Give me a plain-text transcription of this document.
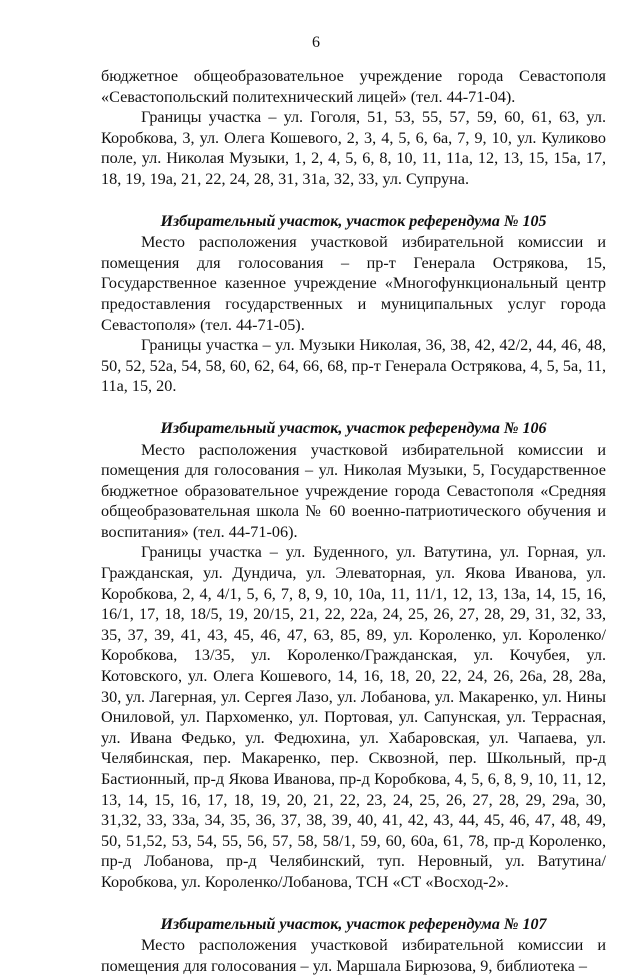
6

бюджетное общеобразовательное учреждение города Севастополя «Севастопольский политехнический лицей» (тел. 44-71-04).

Границы участка – ул. Гоголя, 51, 53, 55, 57, 59, 60, 61, 63, ул. Коробкова, 3, ул. Олега Кошевого, 2, 3, 4, 5, 6, 6а, 7, 9, 10, ул. Куликово поле, ул. Николая Музыки, 1, 2, 4, 5, 6, 8, 10, 11, 11а, 12, 13, 15, 15а, 17, 18, 19, 19а, 21, 22, 24, 28, 31, 31а, 32, 33, ул. Супруна.

Избирательный участок, участок референдума № 105

Место расположения участковой избирательной комиссии и помещения для голосования – пр-т Генерала Острякова, 15, Государственное казенное учреждение «Многофункциональный центр предоставления государственных и муниципальных услуг города Севастополя» (тел. 44-71-05).

Границы участка – ул. Музыки Николая, 36, 38, 42, 42/2, 44, 46, 48, 50, 52, 52а, 54, 58, 60, 62, 64, 66, 68, пр-т Генерала Острякова, 4, 5, 5а, 11, 11а, 15, 20.

Избирательный участок, участок референдума № 106

Место расположения участковой избирательной комиссии и помещения для голосования – ул. Николая Музыки, 5, Государственное бюджетное образовательное учреждение города Севастополя «Средняя общеобразовательная школа № 60 военно-патриотического обучения и воспитания» (тел. 44-71-06).

Границы участка – ул. Буденного, ул. Ватутина, ул. Горная, ул. Гражданская, ул. Дундича, ул. Элеваторная, ул. Якова Иванова, ул. Коробкова, 2, 4, 4/1, 5, 6, 7, 8, 9, 10, 10а, 11, 11/1, 12, 13, 13а, 14, 15, 16, 16/1, 17, 18, 18/5, 19, 20/15, 21, 22, 22а, 24, 25, 26, 27, 28, 29, 31, 32, 33, 35, 37, 39, 41, 43, 45, 46, 47, 63, 85, 89, ул. Короленко, ул. Короленко/Коробкова, 13/35, ул. Короленко/Гражданская, ул. Кочубея, ул. Котовского, ул. Олега Кошевого, 14, 16, 18, 20, 22, 24, 26, 26а, 28, 28а, 30, ул. Лагерная, ул. Сергея Лазо, ул. Лобанова, ул. Макаренко, ул. Нины Ониловой, ул. Пархоменко, ул. Портовая, ул. Сапунская, ул. Террасная, ул. Ивана Федько, ул. Федюхина, ул. Хабаровская, ул. Чапаева, ул. Челябинская, пер. Макаренко, пер. Сквозной, пер. Школьный, пр-д Бастионный, пр-д Якова Иванова, пр-д Коробкова, 4, 5, 6, 8, 9, 10, 11, 12, 13, 14, 15, 16, 17, 18, 19, 20, 21, 22, 23, 24, 25, 26, 27, 28, 29, 29а, 30, 31,32, 33, 33а, 34, 35, 36, 37, 38, 39, 40, 41, 42, 43, 44, 45, 46, 47, 48, 49, 50, 51,52, 53, 54, 55, 56, 57, 58, 58/1, 59, 60, 60а, 61, 78, пр-д Короленко, пр-д Лобанова, пр-д Челябинский, туп. Неровный, ул. Ватутина/Коробкова, ул. Короленко/Лобанова, ТСН «СТ «Восход-2».

Избирательный участок, участок референдума № 107

Место расположения участковой избирательной комиссии и помещения для голосования – ул. Маршала Бирюзова, 9, библиотека –
